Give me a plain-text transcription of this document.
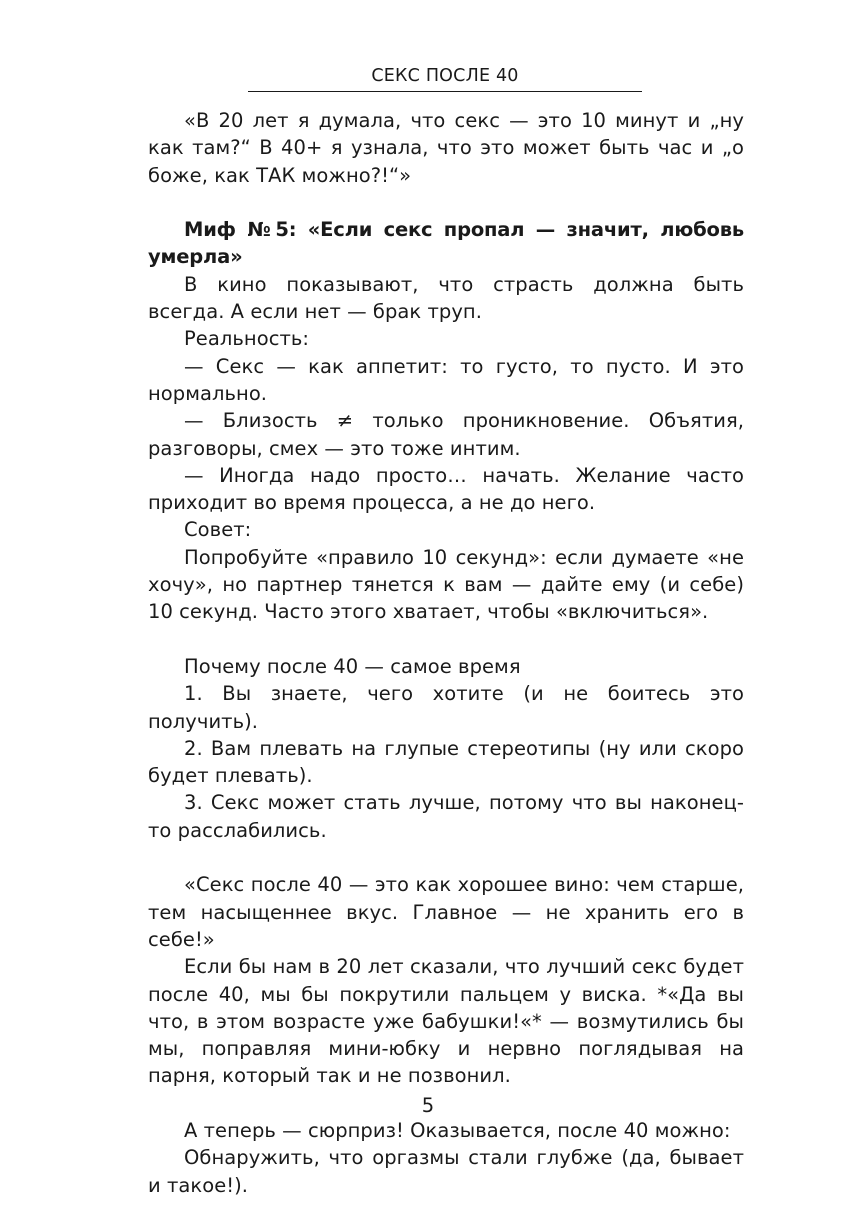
СЕКС ПОСЛЕ 40

«В 20 лет я думала, что секс — это 10 минут и „ну как там?“ В 40+ я узнала, что это может быть час и „о боже, как ТАК можно?!“»

Миф №5: «Если секс пропал — значит, любовь умерла»

В кино показывают, что страсть должна быть всегда. А если нет — брак труп.

Реальность:

— Секс — как аппетит: то густо, то пусто. И это нормально.

— Близость ≠ только проникновение. Объятия, разговоры, смех — это тоже интим.

— Иногда надо просто… начать. Желание часто приходит во время процесса, а не до него.

Совет:

Попробуйте «правило 10 секунд»: если думаете «не хочу», но партнер тянется к вам — дайте ему (и себе) 10 секунд. Часто этого хватает, чтобы «включиться».

Почему после 40 — самое время

1. Вы знаете, чего хотите (и не боитесь это получить).

2. Вам плевать на глупые стереотипы (ну или скоро будет плевать).

3. Секс может стать лучше, потому что вы наконец-то расслабились.

«Секс после 40 — это как хорошее вино: чем старше, тем насыщеннее вкус. Главное — не хранить его в себе!»

Если бы нам в 20 лет сказали, что лучший секс будет после 40, мы бы покрутили пальцем у виска. *«Да вы что, в этом возрасте уже бабушки!«* — возмутились бы мы, поправляя мини-юбку и нервно поглядывая на парня, который так и не позвонил.

А теперь — сюрприз! Оказывается, после 40 можно:

Обнаружить, что оргазмы стали глубже (да, бывает и такое!).

5
